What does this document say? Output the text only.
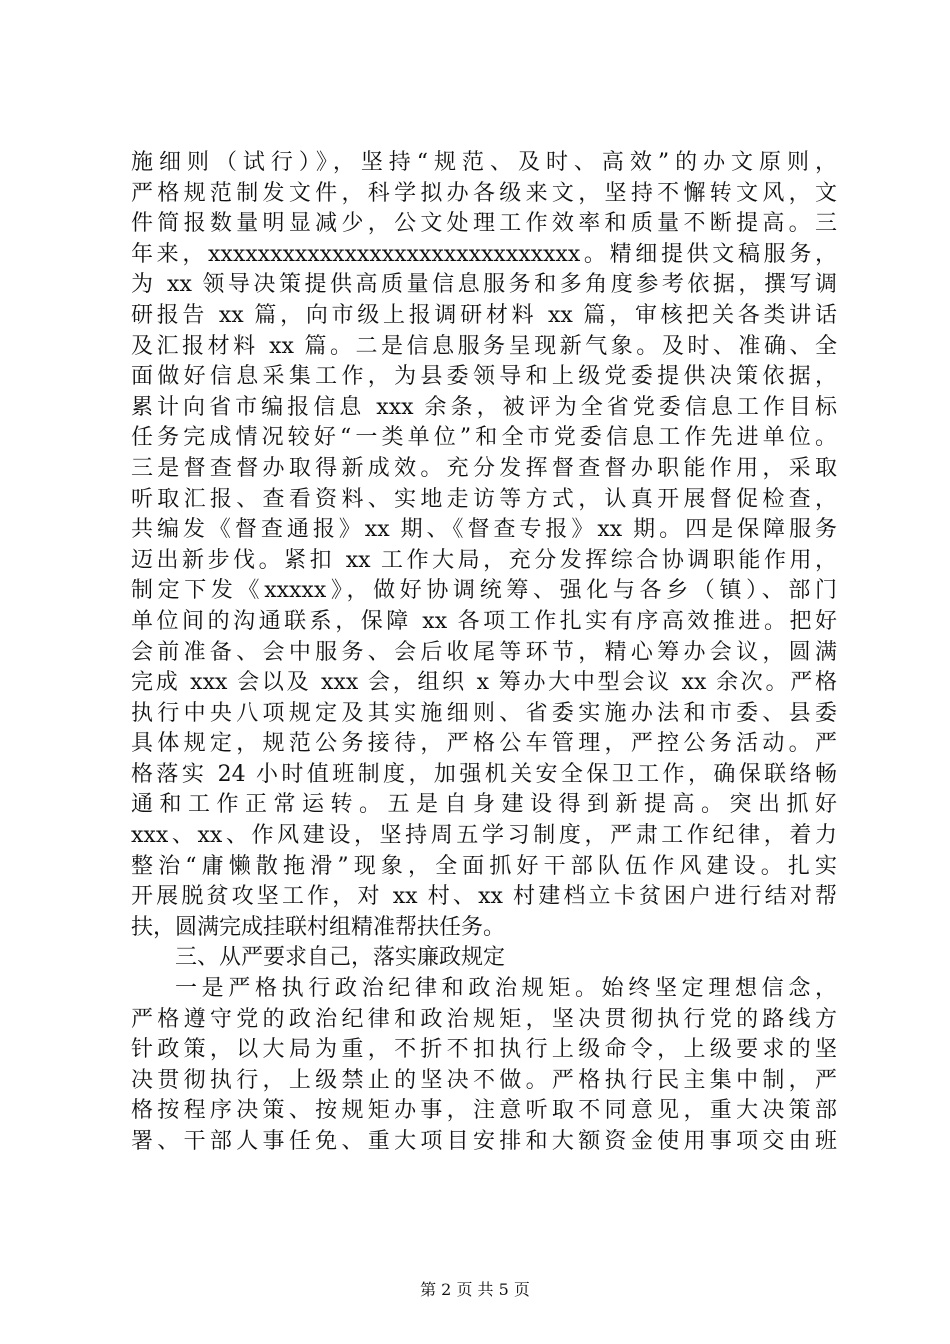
施细则（试行）》，坚持“规范、及时、高效”的办文原则，
严格规范制发文件，科学拟办各级来文，坚持不懈转文风，文
件简报数量明显减少，公文处理工作效率和质量不断提高。三
年来，xxxxxxxxxxxxxxxxxxxxxxxxxxxxxx。精细提供文稿服务，
为 xx 领导决策提供高质量信息服务和多角度参考依据，撰写调
研报告 xx 篇，向市级上报调研材料 xx 篇，审核把关各类讲话
及汇报材料 xx 篇。二是信息服务呈现新气象。及时、准确、全
面做好信息采集工作，为县委领导和上级党委提供决策依据，
累计向省市编报信息 xxx 余条，被评为全省党委信息工作目标
任务完成情况较好“一类单位”和全市党委信息工作先进单位。
三是督查督办取得新成效。充分发挥督查督办职能作用，采取
听取汇报、查看资料、实地走访等方式，认真开展督促检查，
共编发《督查通报》xx 期、《督查专报》xx 期。四是保障服务
迈出新步伐。紧扣 xx 工作大局，充分发挥综合协调职能作用，
制定下发《xxxxx》，做好协调统筹、强化与各乡（镇）、部门
单位间的沟通联系，保障 xx 各项工作扎实有序高效推进。把好
会前准备、会中服务、会后收尾等环节，精心筹办会议，圆满
完成 xxx 会以及 xxx 会，组织 x 筹办大中型会议 xx 余次。严格
执行中央八项规定及其实施细则、省委实施办法和市委、县委
具体规定，规范公务接待，严格公车管理，严控公务活动。严
格落实 24 小时值班制度，加强机关安全保卫工作，确保联络畅
通和工作正常运转。五是自身建设得到新提高。突出抓好
xxx、xx、作风建设，坚持周五学习制度，严肃工作纪律，着力
整治“庸懒散拖滑”现象，全面抓好干部队伍作风建设。扎实
开展脱贫攻坚工作，对 xx 村、xx 村建档立卡贫困户进行结对帮
扶，圆满完成挂联村组精准帮扶任务。
三、从严要求自己，落实廉政规定
一是严格执行政治纪律和政治规矩。始终坚定理想信念，
严格遵守党的政治纪律和政治规矩，坚决贯彻执行党的路线方
针政策，以大局为重，不折不扣执行上级命令，上级要求的坚
决贯彻执行，上级禁止的坚决不做。严格执行民主集中制，严
格按程序决策、按规矩办事，注意听取不同意见，重大决策部
署、干部人事任免、重大项目安排和大额资金使用事项交由班
第 2 页 共 5 页
